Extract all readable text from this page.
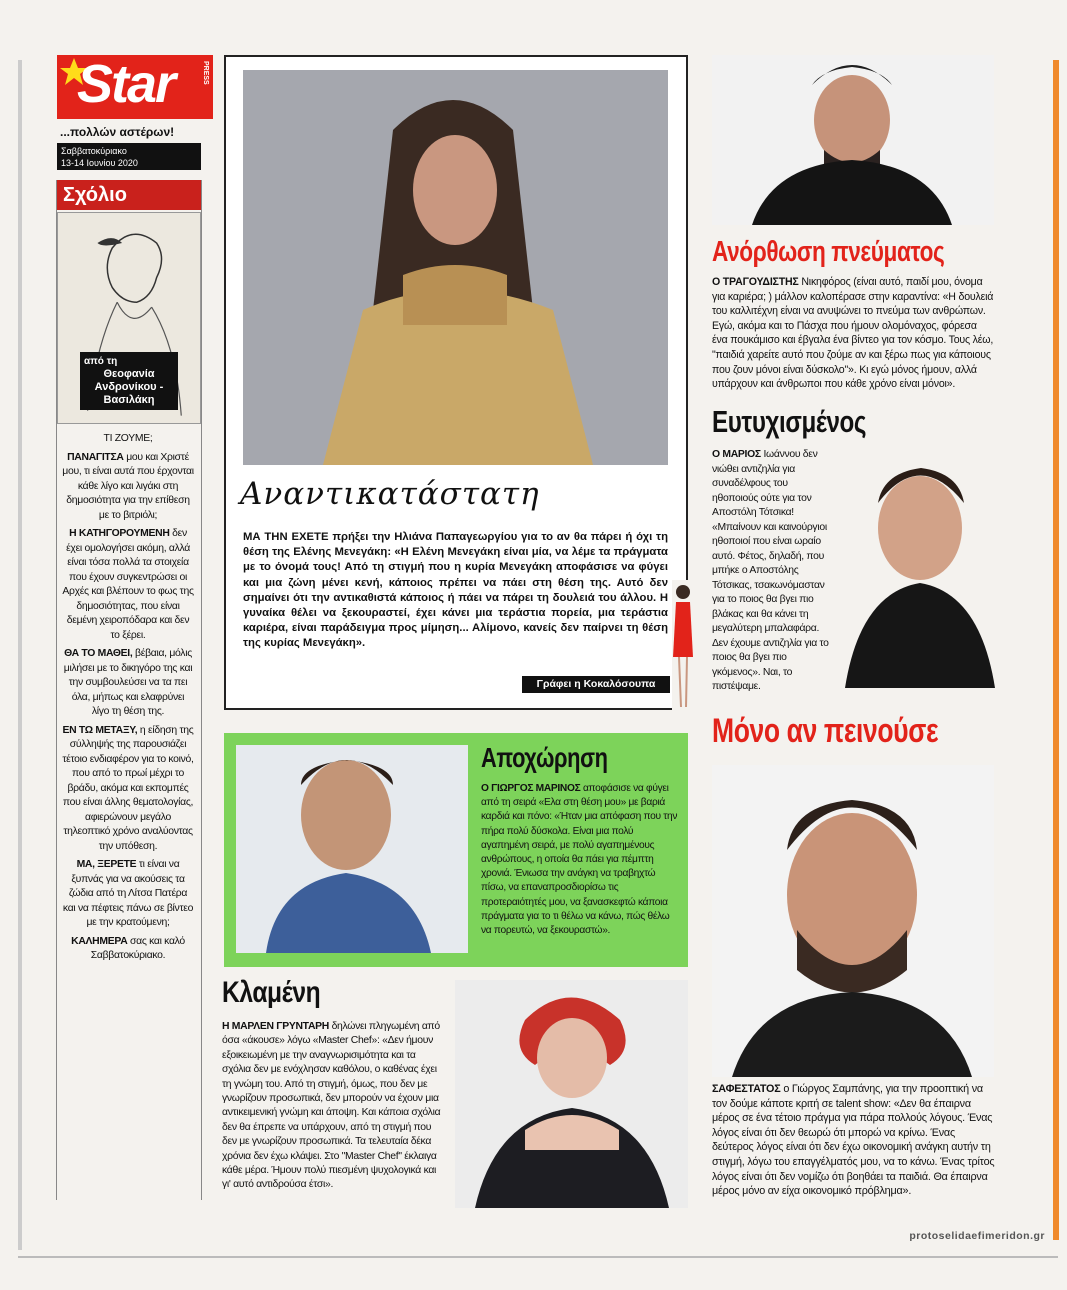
Star	PRESS
...πολλών αστέρων!
Σαββατοκύριακο
13-14 Ιουνίου 2020
Σχόλιο
από τη
Θεοφανία
Ανδρονίκου -
Βασιλάκη

ΤΙ ΖΟΥΜΕ;

ΠΑΝΑΓΙΤΣΑ μου και Χριστέ μου, τι είναι αυτά που έρχονται κάθε λίγο και λιγάκι στη δημοσιότητα για την επίθεση με το βιτριόλι;

Η ΚΑΤΗΓΟΡΟΥΜΕΝΗ δεν έχει ομολογήσει ακόμη, αλλά είναι τόσα πολλά τα στοιχεία που έχουν συγκεντρώσει οι Αρχές και βλέπουν το φως της δημοσιότητας, που είναι δεμένη χειροπόδαρα και δεν το ξέρει.

ΘΑ ΤΟ ΜΑΘΕΙ, βέβαια, μόλις μιλήσει με το δικηγόρο της και την συμβουλεύσει να τα πει όλα, μήπως και ελαφρύνει λίγο τη θέση της.

ΕΝ ΤΩ ΜΕΤΑΞΥ, η είδηση της σύλληψής της παρουσιάζει τέτοιο ενδιαφέρον για το κοινό, που από το πρωί μέχρι το βράδυ, ακόμα και εκπομπές που είναι άλλης θεματολογίας, αφιερώνουν μεγάλο τηλεοπτικό χρόνο αναλύοντας την υπόθεση.

ΜΑ, ΞΕΡΕΤΕ τι είναι να ξυπνάς για να ακούσεις τα ζώδια από τη Λίτσα Πατέρα και να πέφτεις πάνω σε βίντεο με την κρατούμενη;

ΚΑΛΗΜΕΡΑ σας και καλό Σαββατοκύριακο.

Αναντικατάστατη
ΜΑ ΤΗΝ ΕΧΕΤΕ πρήξει την Ηλιάνα Παπαγεωργίου για το αν θα πάρει ή όχι τη θέση της Ελένης Μενεγάκη: «Η Ελένη Μενεγάκη είναι μία, να λέμε τα πράγματα με το όνομά τους! Από τη στιγμή που η κυρία Μενεγάκη αποφάσισε να φύγει και μια ζώνη μένει κενή, κάποιος πρέπει να πάει στη θέση της. Αυτό δεν σημαίνει ότι την αντικαθιστά κάποιος ή πάει να πάρει τη δουλειά του άλλου. Η γυναίκα θέλει να ξεκουραστεί, έχει κάνει μια τεράστια πορεία, μια τεράστια καριέρα, είναι παράδειγμα προς μίμηση... Αλίμονο, κανείς δεν παίρνει τη θέση της κυρίας Μενεγάκη».
Γράφει η Κοκαλόσουπα
Αποχώρηση
Ο ΓΙΩΡΓΟΣ ΜΑΡΙΝΟΣ αποφάσισε να φύγει από τη σειρά «Ελα στη θέση μου» με βαριά καρδιά και πόνο: «Ήταν μια απόφαση που την πήρα πολύ δύσκολα. Είναι μια πολύ αγαπημένη σειρά, με πολύ αγαπημένους ανθρώπους, η οποία θα πάει για πέμπτη χρονιά. Ένιωσα την ανάγκη να τραβηχτώ πίσω, να επαναπροσδιορίσω τις προτεραιότητές μου, να ξανασκεφτώ κάποια πράγματα για το τι θέλω να κάνω, πώς θέλω να πορευτώ, να ξεκουραστώ».
Κλαμένη
Η ΜΑΡΛΕΝ ΓΡΥΝΤΑΡΗ δηλώνει πληγωμένη από όσα «άκουσε» λόγω «Master Chef»: «Δεν ήμουν εξοικειωμένη με την αναγνωρισιμότητα και τα σχόλια δεν με ενόχλησαν καθόλου, ο καθένας έχει τη γνώμη του. Από τη στιγμή, όμως, που δεν με γνωρίζουν προσωπικά, δεν μπορούν να έχουν μια αντικειμενική γνώμη και άποψη. Και κάποια σχόλια δεν θα έπρεπε να υπάρχουν, από τη στιγμή που δεν με γνωρίζουν προσωπικά. Τα τελευταία δέκα χρόνια δεν έχω κλάψει. Στο "Master Chef" έκλαιγα κάθε μέρα. Ήμουν πολύ πιεσμένη ψυχολογικά και γι' αυτό αντιδρούσα έτσι».
Ανόρθωση πνεύματος
Ο ΤΡΑΓΟΥΔΙΣΤΗΣ Νικηφόρος (είναι αυτό, παιδί μου, όνομα για καριέρα; ) μάλλον καλοπέρασε στην καραντίνα: «Η δουλειά του καλλιτέχνη είναι να ανυψώνει το πνεύμα των ανθρώπων. Εγώ, ακόμα και το Πάσχα που ήμουν ολομόναχος, φόρεσα ένα πουκάμισο και έβγαλα ένα βίντεο για τον κόσμο. Τους λέω, "παιδιά χαρείτε αυτό που ζούμε αν και ξέρω πως για κάποιους που ζουν μόνοι είναι δύσκολο"». Κι εγώ μόνος ήμουν, αλλά υπάρχουν και άνθρωποι που κάθε χρόνο είναι μόνοι».
Ευτυχισμένος
Ο ΜΑΡΙΟΣ Ιωάννου δεν νιώθει αντιζηλία για συναδέλφους του ηθοποιούς ούτε για τον Αποστόλη Τότσικα! «Μπαίνουν και καινούργιοι ηθοποιοί που είναι ωραίο αυτό. Φέτος, δηλαδή, που μπήκε ο Αποστόλης Τότσικας, τσακωνόμασταν για το ποιος θα βγει πιο βλάκας και θα κάνει τη μεγαλύτερη μπαλαφάρα. Δεν έχουμε αντιζηλία για το ποιος θα βγει πιο γκόμενος». Ναι, το πιστέψαμε.
Μόνο αν πεινούσε
ΣΑΦΕΣΤΑΤΟΣ ο Γιώργος Σαμπάνης, για την προοπτική να τον δούμε κάποτε κριτή σε talent show: «Δεν θα έπαιρνα μέρος σε ένα τέτοιο πράγμα για πάρα πολλούς λόγους. Ένας λόγος είναι ότι δεν θεωρώ ότι μπορώ να κρίνω. Ένας δεύτερος λόγος είναι ότι δεν έχω οικονομική ανάγκη αυτήν τη στιγμή, λόγω του επαγγέλματός μου, να το κάνω. Ένας τρίτος λόγος είναι ότι δεν νομίζω ότι βοηθάει τα παιδιά. Θα έπαιρνα μέρος μόνο αν είχα οικονομικό πρόβλημα».
protoselidaefimeridon.gr
